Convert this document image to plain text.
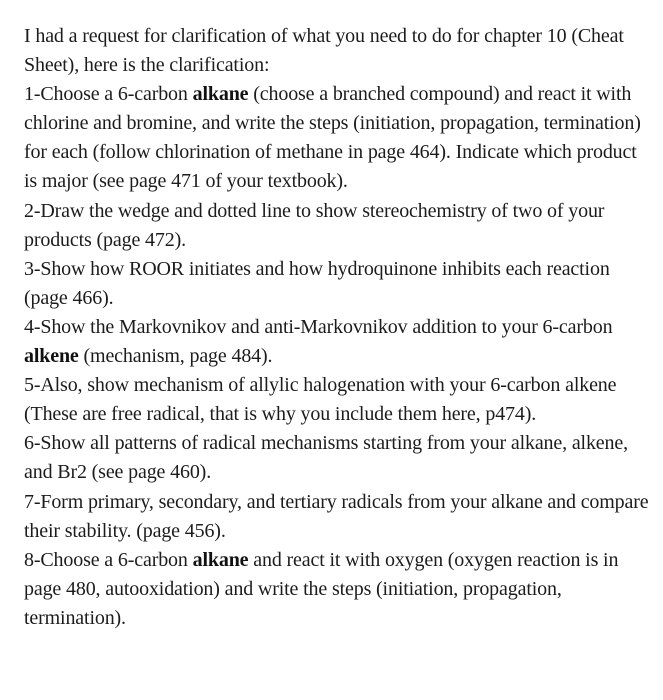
I had a request for clarification of what you need to do for chapter 10 (Cheat Sheet), here is the clarification:

1-Choose a 6-carbon alkane (choose a branched compound) and react it with chlorine and bromine, and write the steps (initiation, propagation, termination) for each (follow chlorination of methane in page 464). Indicate which product is major (see page 471 of your textbook).

2-Draw the wedge and dotted line to show stereochemistry of two of your products (page 472).

3-Show how ROOR initiates and how hydroquinone inhibits each reaction (page 466).

4-Show the Markovnikov and anti-Markovnikov addition to your 6-carbon alkene (mechanism, page 484).

5-Also, show mechanism of allylic halogenation with your 6-carbon alkene (These are free radical, that is why you include them here, p474).

6-Show all patterns of radical mechanisms starting from your alkane, alkene, and Br2 (see page 460).

7-Form primary, secondary, and tertiary radicals from your alkane and compare their stability. (page 456).

8-Choose a 6-carbon alkane and react it with oxygen (oxygen reaction is in page 480, autooxidation) and write the steps (initiation, propagation, termination).
